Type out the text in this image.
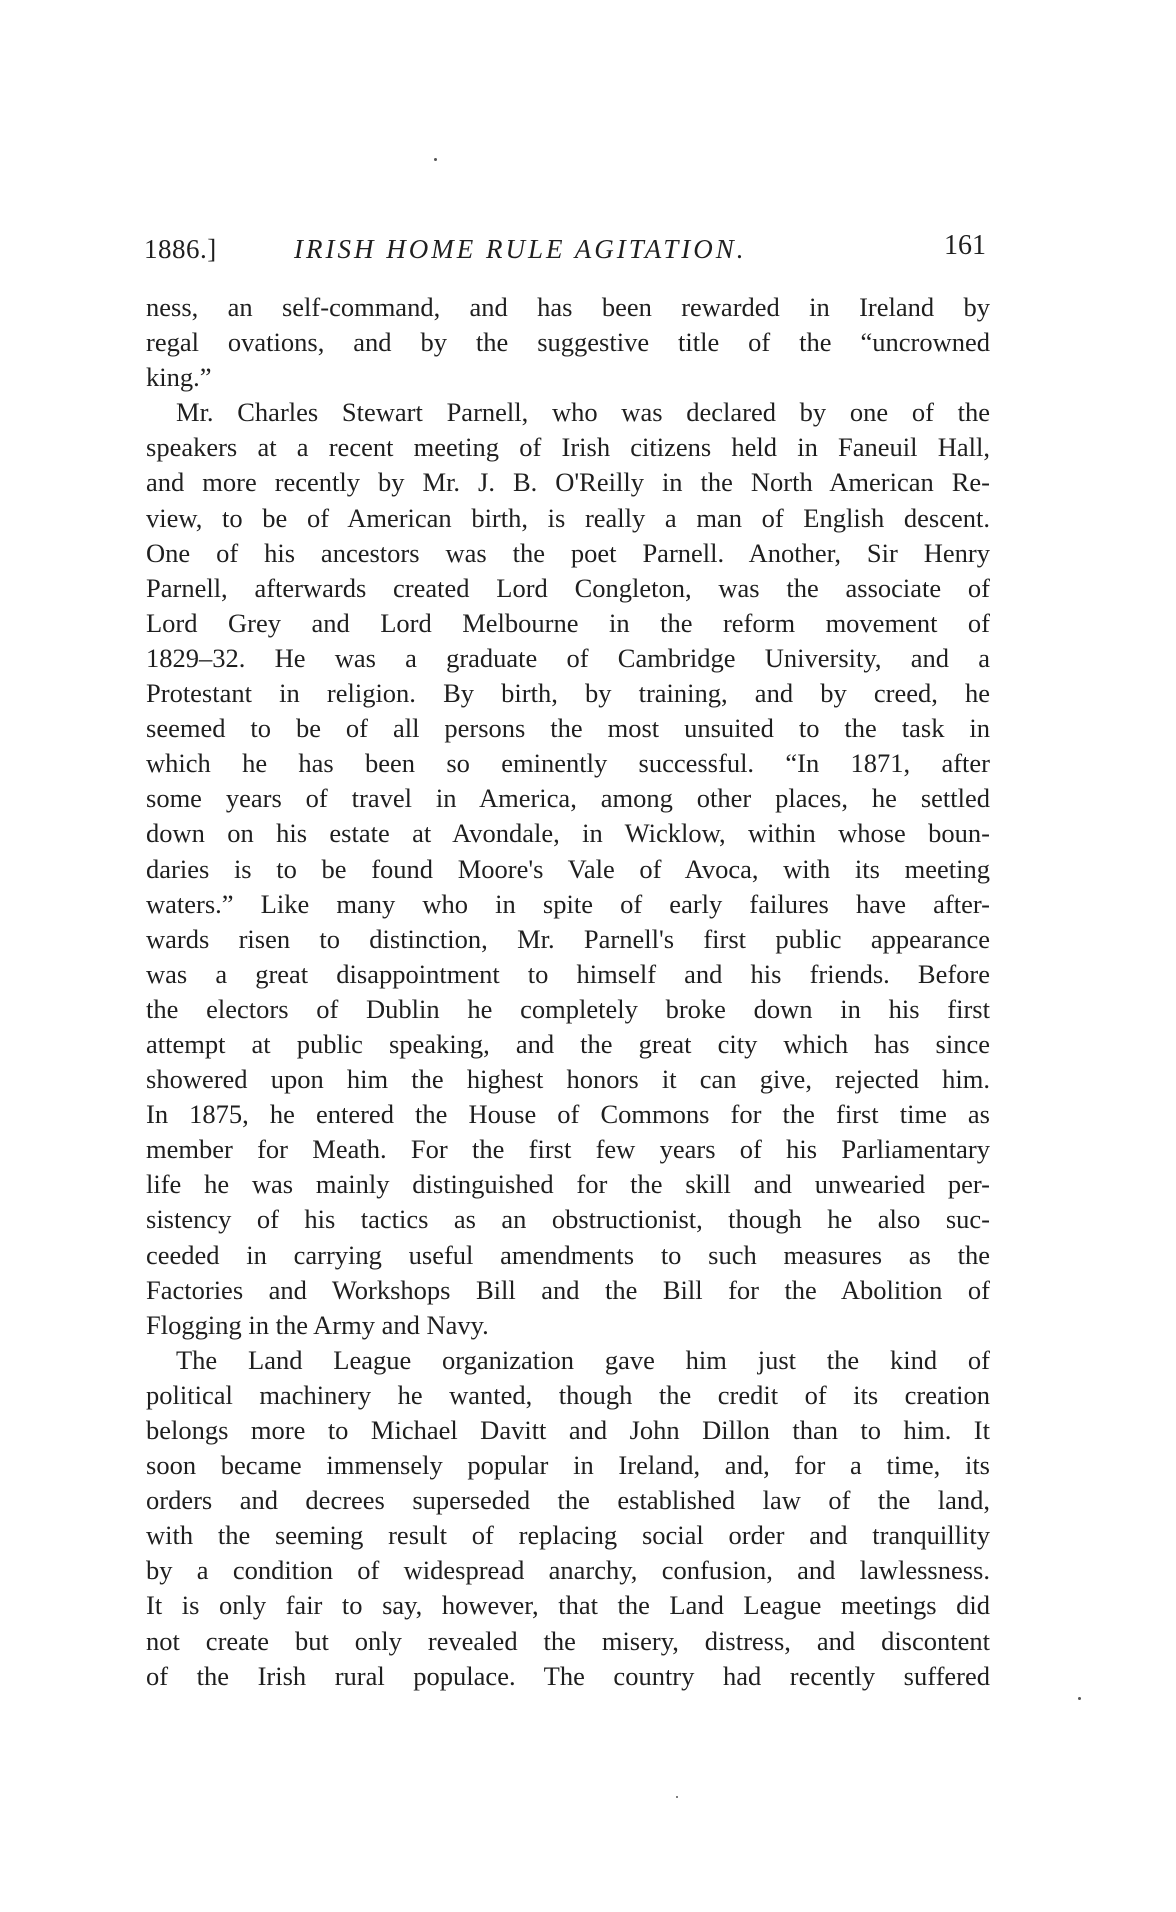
1886.]	IRISH HOME RULE AGITATION.	161
ness, an self-command, and has been rewarded in Ireland by
regal ovations, and by the suggestive title of the “uncrowned
king.”
Mr. Charles Stewart Parnell, who was declared by one of the
speakers at a recent meeting of Irish citizens held in Faneuil Hall,
and more recently by Mr. J. B. O'Reilly in the North American Re-
view, to be of American birth, is really a man of English descent.
One of his ancestors was the poet Parnell. Another, Sir Henry
Parnell, afterwards created Lord Congleton, was the associate of
Lord Grey and Lord Melbourne in the reform movement of
1829–32. He was a graduate of Cambridge University, and a
Protestant in religion. By birth, by training, and by creed, he
seemed to be of all persons the most unsuited to the task in
which he has been so eminently successful. “In 1871, after
some years of travel in America, among other places, he settled
down on his estate at Avondale, in Wicklow, within whose boun-
daries is to be found Moore's Vale of Avoca, with its meeting
waters.” Like many who in spite of early failures have after-
wards risen to distinction, Mr. Parnell's first public appearance
was a great disappointment to himself and his friends. Before
the electors of Dublin he completely broke down in his first
attempt at public speaking, and the great city which has since
showered upon him the highest honors it can give, rejected him.
In 1875, he entered the House of Commons for the first time as
member for Meath. For the first few years of his Parliamentary
life he was mainly distinguished for the skill and unwearied per-
sistency of his tactics as an obstructionist, though he also suc-
ceeded in carrying useful amendments to such measures as the
Factories and Workshops Bill and the Bill for the Abolition of
Flogging in the Army and Navy.
The Land League organization gave him just the kind of
political machinery he wanted, though the credit of its creation
belongs more to Michael Davitt and John Dillon than to him. It
soon became immensely popular in Ireland, and, for a time, its
orders and decrees superseded the established law of the land,
with the seeming result of replacing social order and tranquillity
by a condition of widespread anarchy, confusion, and lawlessness.
It is only fair to say, however, that the Land League meetings did
not create but only revealed the misery, distress, and discontent
of the Irish rural populace. The country had recently suffered
